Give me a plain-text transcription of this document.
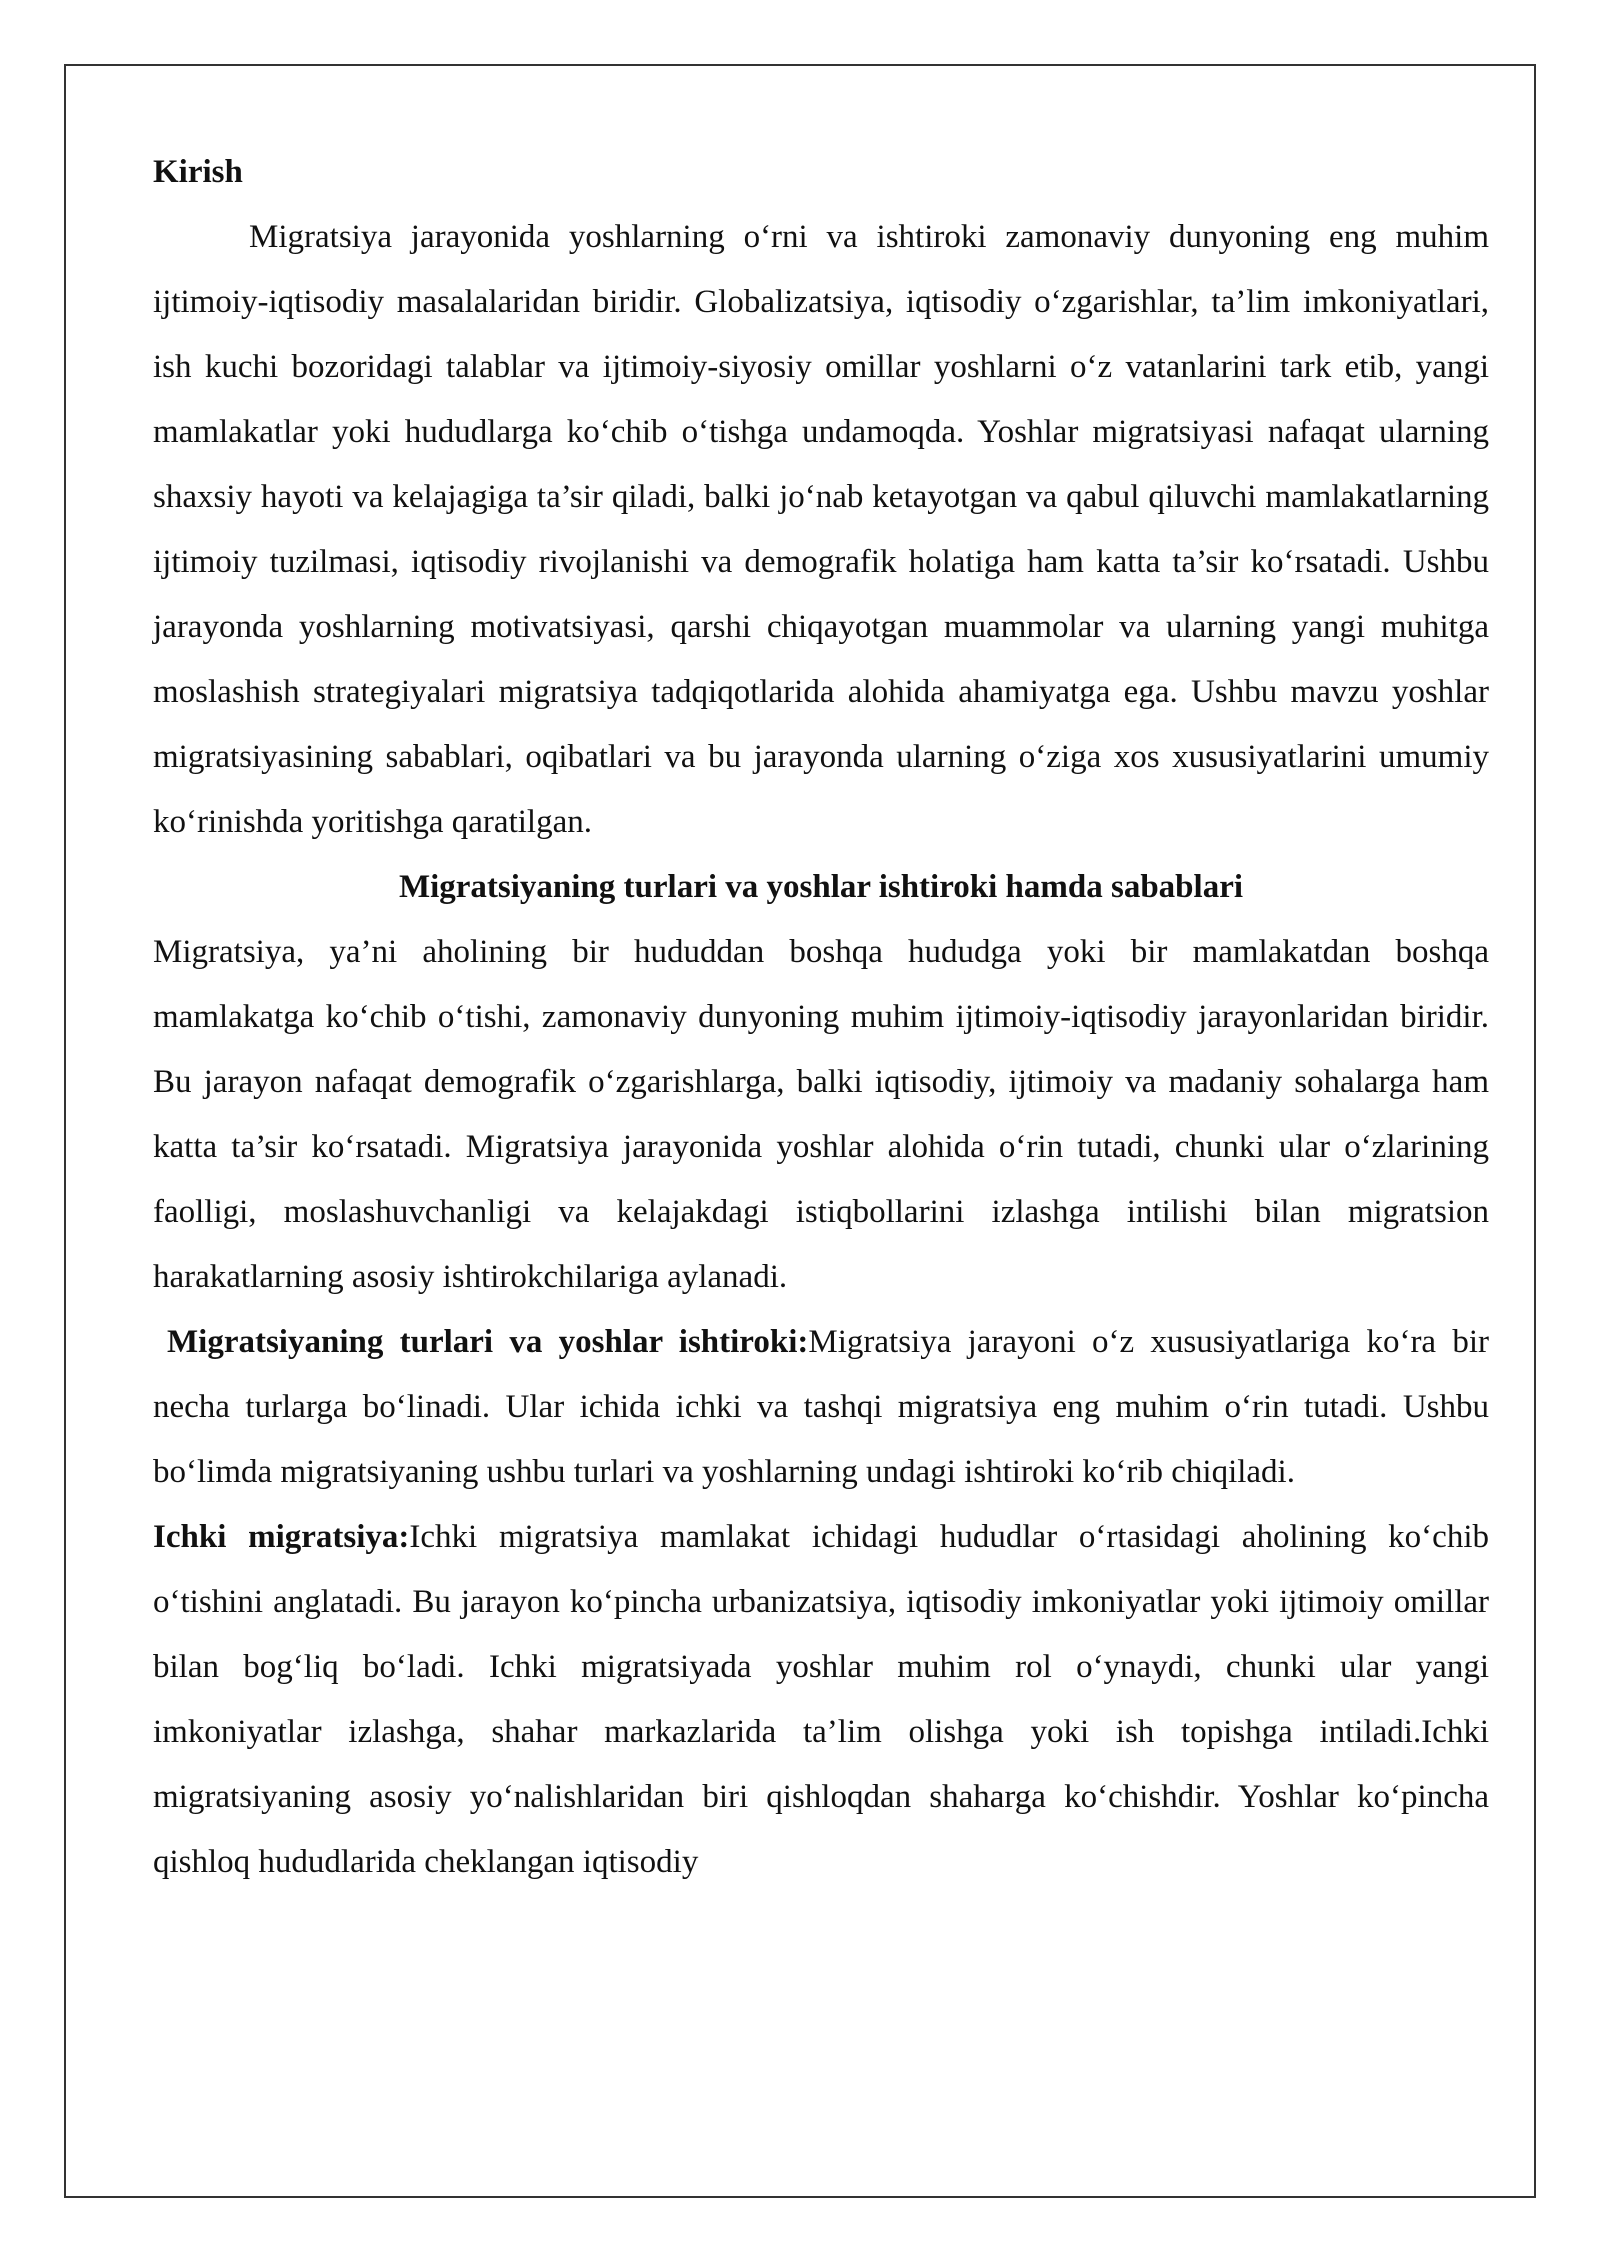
Kirish

Migratsiya jarayonida yoshlarning oʻrni va ishtiroki zamonaviy dunyoning eng muhim ijtimoiy-iqtisodiy masalalaridan biridir. Globalizatsiya, iqtisodiy oʻzgarishlar, ta’lim imkoniyatlari, ish kuchi bozoridagi talablar va ijtimoiy-siyosiy omillar yoshlarni oʻz vatanlarini tark etib, yangi mamlakatlar yoki hududlarga koʻchib oʻtishga undamoqda. Yoshlar migratsiyasi nafaqat ularning shaxsiy hayoti va kelajagiga ta’sir qiladi, balki joʻnab ketayotgan va qabul qiluvchi mamlakatlarning ijtimoiy tuzilmasi, iqtisodiy rivojlanishi va demografik holatiga ham katta ta’sir koʻrsatadi. Ushbu jarayonda yoshlarning motivatsiyasi, qarshi chiqayotgan muammolar va ularning yangi muhitga moslashish strategiyalari migratsiya tadqiqotlarida alohida ahamiyatga ega. Ushbu mavzu yoshlar migratsiyasining sabablari, oqibatlari va bu jarayonda ularning oʻziga xos xususiyatlarini umumiy koʻrinishda yoritishga qaratilgan.

Migratsiyaning turlari va yoshlar ishtiroki hamda sabablari

Migratsiya, ya’ni aholining bir hududdan boshqa hududga yoki bir mamlakatdan boshqa mamlakatga koʻchib oʻtishi, zamonaviy dunyoning muhim ijtimoiy-iqtisodiy jarayonlaridan biridir. Bu jarayon nafaqat demografik oʻzgarishlarga, balki iqtisodiy, ijtimoiy va madaniy sohalarga ham katta ta’sir koʻrsatadi. Migratsiya jarayonida yoshlar alohida oʻrin tutadi, chunki ular oʻzlarining faolligi, moslashuvchanligi va kelajakdagi istiqbollarini izlashga intilishi bilan migratsion harakatlarning asosiy ishtirokchilariga aylanadi.

Migratsiyaning turlari va yoshlar ishtiroki:Migratsiya jarayoni oʻz xususiyatlariga koʻra bir necha turlarga boʻlinadi. Ular ichida ichki va tashqi migratsiya eng muhim oʻrin tutadi. Ushbu boʻlimda migratsiyaning ushbu turlari va yoshlarning undagi ishtiroki koʻrib chiqiladi.

Ichki migratsiya:Ichki migratsiya mamlakat ichidagi hududlar oʻrtasidagi aholining koʻchib oʻtishini anglatadi. Bu jarayon koʻpincha urbanizatsiya, iqtisodiy imkoniyatlar yoki ijtimoiy omillar bilan bogʻliq boʻladi. Ichki migratsiyada yoshlar muhim rol oʻynaydi, chunki ular yangi imkoniyatlar izlashga, shahar markazlarida ta’lim olishga yoki ish topishga intiladi.Ichki migratsiyaning asosiy yoʻnalishlaridan biri qishloqdan shaharga koʻchishdir. Yoshlar koʻpincha qishloq hududlarida cheklangan iqtisodiy
